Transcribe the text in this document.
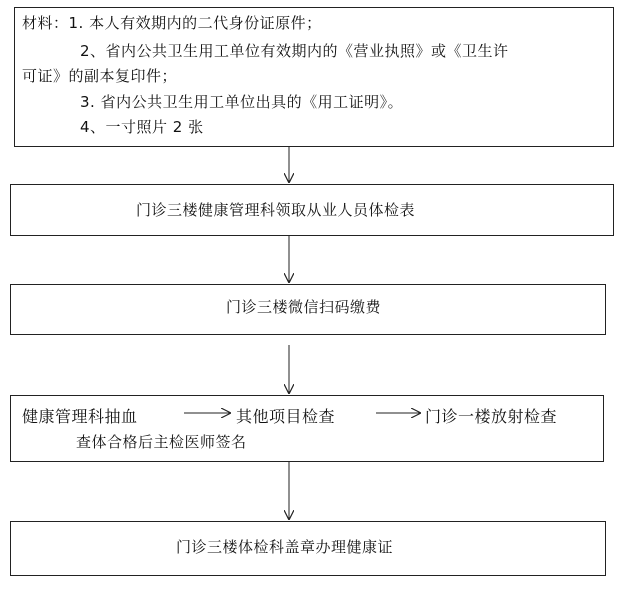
材料：1. 本人有效期内的二代身份证原件；
2、省内公共卫生用工单位有效期内的《营业执照》或《卫生许
可证》的副本复印件；
3. 省内公共卫生用工单位出具的《用工证明》。
4、一寸照片 2 张
门诊三楼健康管理科领取从业人员体检表
门诊三楼微信扫码缴费
健康管理科抽血	其他项目检查	门诊一楼放射检查
查体合格后主检医师签名
门诊三楼体检科盖章办理健康证
